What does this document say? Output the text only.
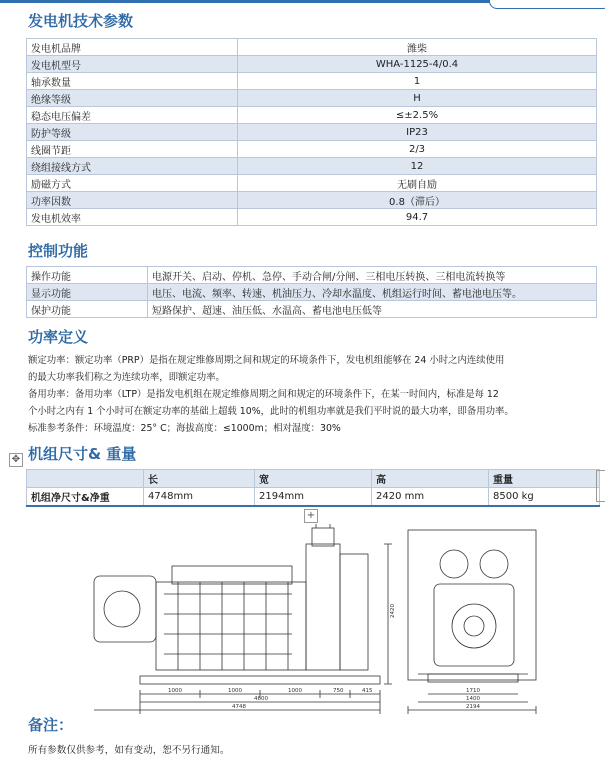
发电机技术参数
发电机品牌	潍柴
发电机型号	WHA-1125-4/0.4
轴承数量	1
绝缘等级	H
稳态电压偏差	≤±2.5%
防护等级	IP23
线圈节距	2/3
绕组接线方式	12
励磁方式	无刷自励
功率因数	0.8（滞后）
发电机效率	94.7
控制功能
操作功能	电源开关、启动、停机、急停、手动合闸/分闸、三相电压转换、三相电流转换等
显示功能	电压、电流、频率、转速、机油压力、冷却水温度、机组运行时间、蓄电池电压等。
保护功能	短路保护、超速、油压低、水温高、蓄电池电压低等
功率定义

额定功率：额定功率（PRP）是指在规定维修周期之间和规定的环境条件下，发电机组能够在 24 小时之内连续使用

的最大功率我们称之为连续功率，即额定功率。

备用功率：备用功率（LTP）是指发电机组在规定维修周期之间和规定的环境条件下，在某一时间内，标准是每 12

个小时之内有 1 个小时可在额定功率的基础上超载 10%，此时的机组功率就是我们平时说的最大功率，即备用功率。

标准参考条件：环境温度：25° C；海拔高度：≤1000m；相对湿度：30%

✥ 机组尺寸& 重量
	长	宽	高	重量
机组净尺寸&净重	4748mm	2194mm	2420 mm	8500 kg
+
1000	1000	1000	750	415
4600
4748
2420
1710
1400
2194
备注：

所有参数仅供参考，如有变动，恕不另行通知。
